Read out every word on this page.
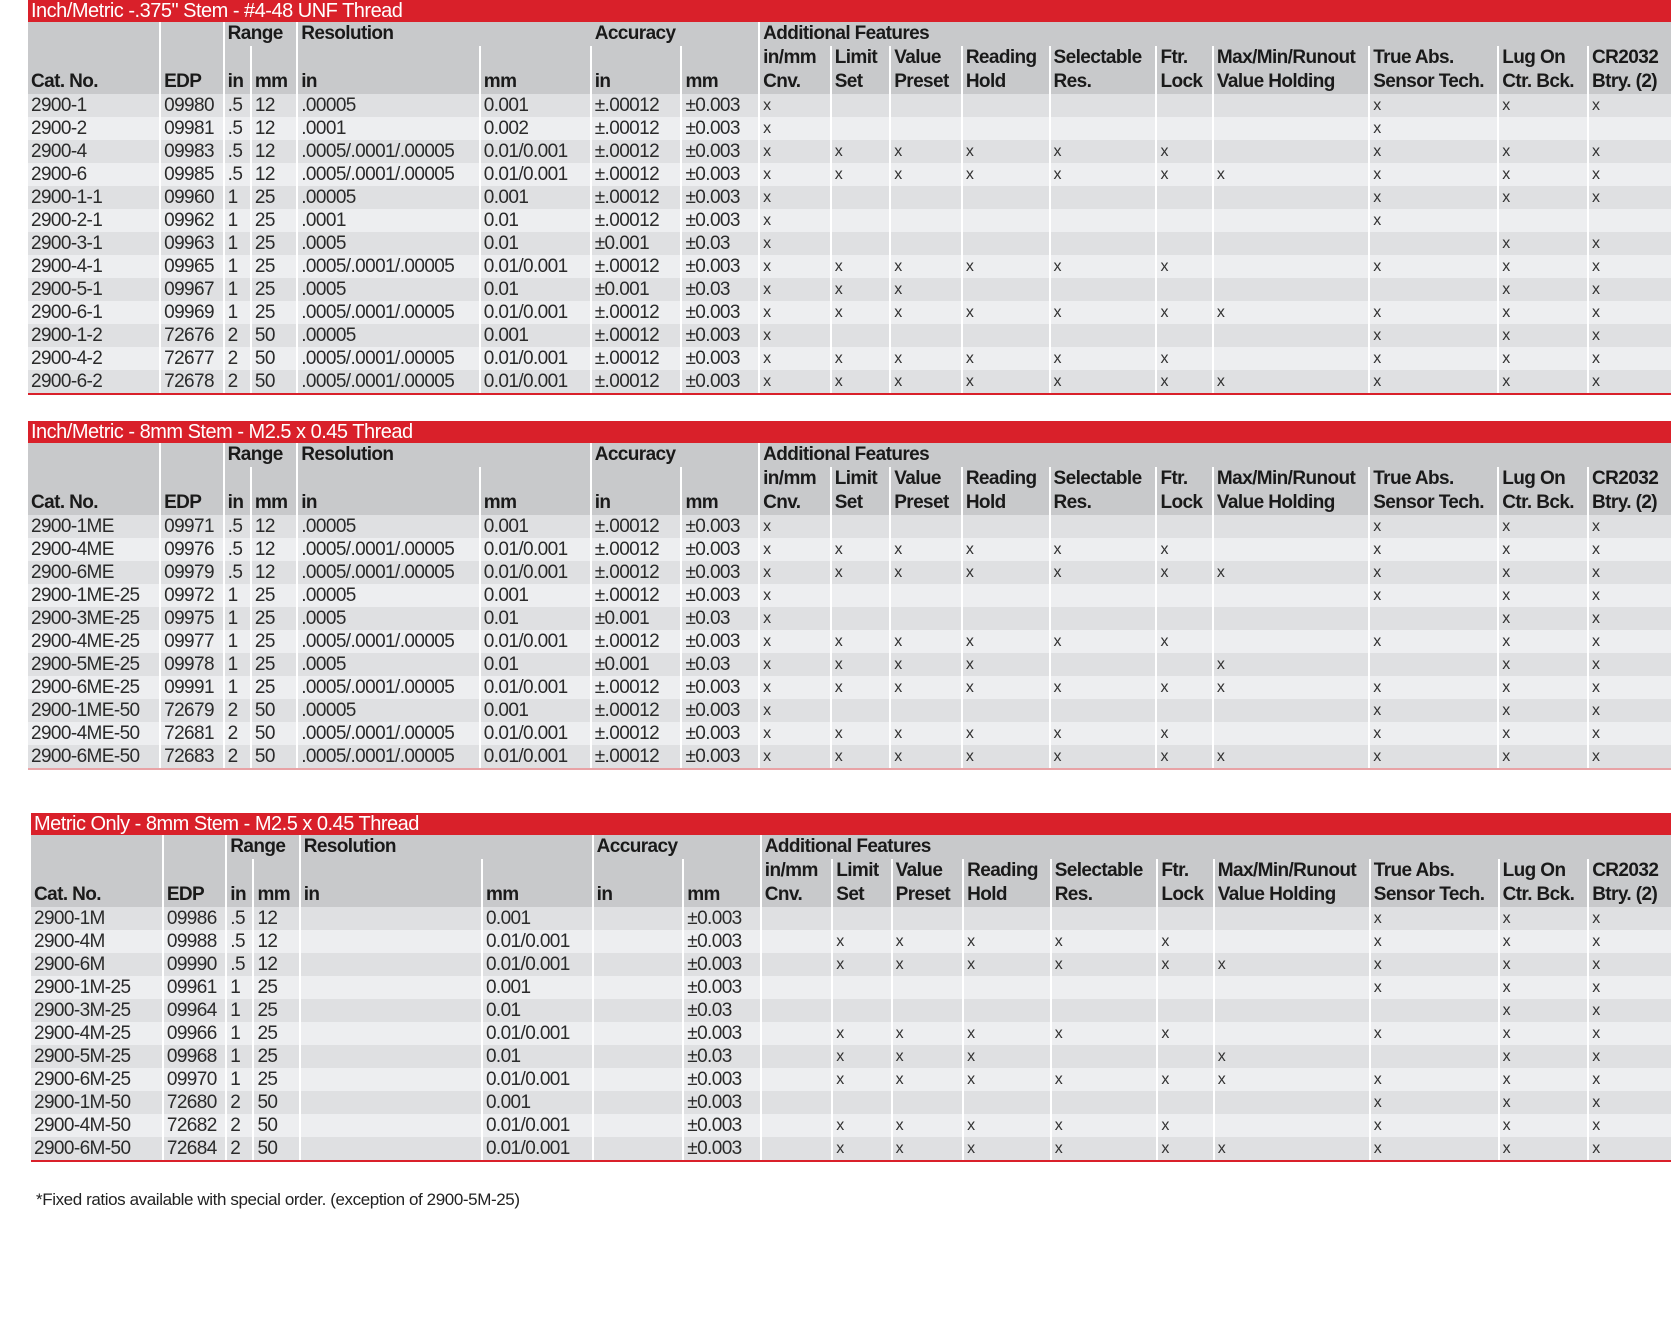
Inch/Metric -.375" Stem - #4-48 UNF Thread
		Range		Resolution		Accuracy		Additional Features									
								in/mm	Limit	Value	Reading	Selectable	Ftr.	Max/Min/Runout	True Abs.	Lug On	CR2032
Cat. No.	EDP	in	mm	in	mm	in	mm	Cnv.	Set	Preset	Hold	Res.	Lock	Value Holding	Sensor Tech.	Ctr. Bck.	Btry. (2)
2900-1	09980	.5	12	.00005	0.001	±.00012	±0.003	x							x	x	x
2900-2	09981	.5	12	.0001	0.002	±.00012	±0.003	x							x		
2900-4	09983	.5	12	.0005/.0001/.00005	0.01/0.001	±.00012	±0.003	x	x	x	x	x	x		x	x	x
2900-6	09985	.5	12	.0005/.0001/.00005	0.01/0.001	±.00012	±0.003	x	x	x	x	x	x	x	x	x	x
2900-1-1	09960	1	25	.00005	0.001	±.00012	±0.003	x							x	x	x
2900-2-1	09962	1	25	.0001	0.01	±.00012	±0.003	x							x		
2900-3-1	09963	1	25	.0005	0.01	±0.001	±0.03	x								x	x
2900-4-1	09965	1	25	.0005/.0001/.00005	0.01/0.001	±.00012	±0.003	x	x	x	x	x	x		x	x	x
2900-5-1	09967	1	25	.0005	0.01	±0.001	±0.03	x	x	x						x	x
2900-6-1	09969	1	25	.0005/.0001/.00005	0.01/0.001	±.00012	±0.003	x	x	x	x	x	x	x	x	x	x
2900-1-2	72676	2	50	.00005	0.001	±.00012	±0.003	x							x	x	x
2900-4-2	72677	2	50	.0005/.0001/.00005	0.01/0.001	±.00012	±0.003	x	x	x	x	x	x		x	x	x
2900-6-2	72678	2	50	.0005/.0001/.00005	0.01/0.001	±.00012	±0.003	x	x	x	x	x	x	x	x	x	x
Inch/Metric - 8mm Stem - M2.5 x 0.45 Thread
		Range		Resolution		Accuracy		Additional Features									
								in/mm	Limit	Value	Reading	Selectable	Ftr.	Max/Min/Runout	True Abs.	Lug On	CR2032
Cat. No.	EDP	in	mm	in	mm	in	mm	Cnv.	Set	Preset	Hold	Res.	Lock	Value Holding	Sensor Tech.	Ctr. Bck.	Btry. (2)
2900-1ME	09971	.5	12	.00005	0.001	±.00012	±0.003	x							x	x	x
2900-4ME	09976	.5	12	.0005/.0001/.00005	0.01/0.001	±.00012	±0.003	x	x	x	x	x	x		x	x	x
2900-6ME	09979	.5	12	.0005/.0001/.00005	0.01/0.001	±.00012	±0.003	x	x	x	x	x	x	x	x	x	x
2900-1ME-25	09972	1	25	.00005	0.001	±.00012	±0.003	x							x	x	x
2900-3ME-25	09975	1	25	.0005	0.01	±0.001	±0.03	x								x	x
2900-4ME-25	09977	1	25	.0005/.0001/.00005	0.01/0.001	±.00012	±0.003	x	x	x	x	x	x		x	x	x
2900-5ME-25	09978	1	25	.0005	0.01	±0.001	±0.03	x	x	x	x			x		x	x
2900-6ME-25	09991	1	25	.0005/.0001/.00005	0.01/0.001	±.00012	±0.003	x	x	x	x	x	x	x	x	x	x
2900-1ME-50	72679	2	50	.00005	0.001	±.00012	±0.003	x							x	x	x
2900-4ME-50	72681	2	50	.0005/.0001/.00005	0.01/0.001	±.00012	±0.003	x	x	x	x	x	x		x	x	x
2900-6ME-50	72683	2	50	.0005/.0001/.00005	0.01/0.001	±.00012	±0.003	x	x	x	x	x	x	x	x	x	x
Metric Only - 8mm Stem - M2.5 x 0.45 Thread
		Range		Resolution		Accuracy		Additional Features									
								in/mm	Limit	Value	Reading	Selectable	Ftr.	Max/Min/Runout	True Abs.	Lug On	CR2032
Cat. No.	EDP	in	mm	in	mm	in	mm	Cnv.	Set	Preset	Hold	Res.	Lock	Value Holding	Sensor Tech.	Ctr. Bck.	Btry. (2)
2900-1M	09986	.5	12		0.001		±0.003								x	x	x
2900-4M	09988	.5	12		0.01/0.001		±0.003		x	x	x	x	x		x	x	x
2900-6M	09990	.5	12		0.01/0.001		±0.003		x	x	x	x	x	x	x	x	x
2900-1M-25	09961	1	25		0.001		±0.003								x	x	x
2900-3M-25	09964	1	25		0.01		±0.03									x	x
2900-4M-25	09966	1	25		0.01/0.001		±0.003		x	x	x	x	x		x	x	x
2900-5M-25	09968	1	25		0.01		±0.03		x	x	x			x		x	x
2900-6M-25	09970	1	25		0.01/0.001		±0.003		x	x	x	x	x	x	x	x	x
2900-1M-50	72680	2	50		0.001		±0.003								x	x	x
2900-4M-50	72682	2	50		0.01/0.001		±0.003		x	x	x	x	x		x	x	x
2900-6M-50	72684	2	50		0.01/0.001		±0.003		x	x	x	x	x	x	x	x	x
*Fixed ratios available with special order. (exception of 2900-5M-25)
